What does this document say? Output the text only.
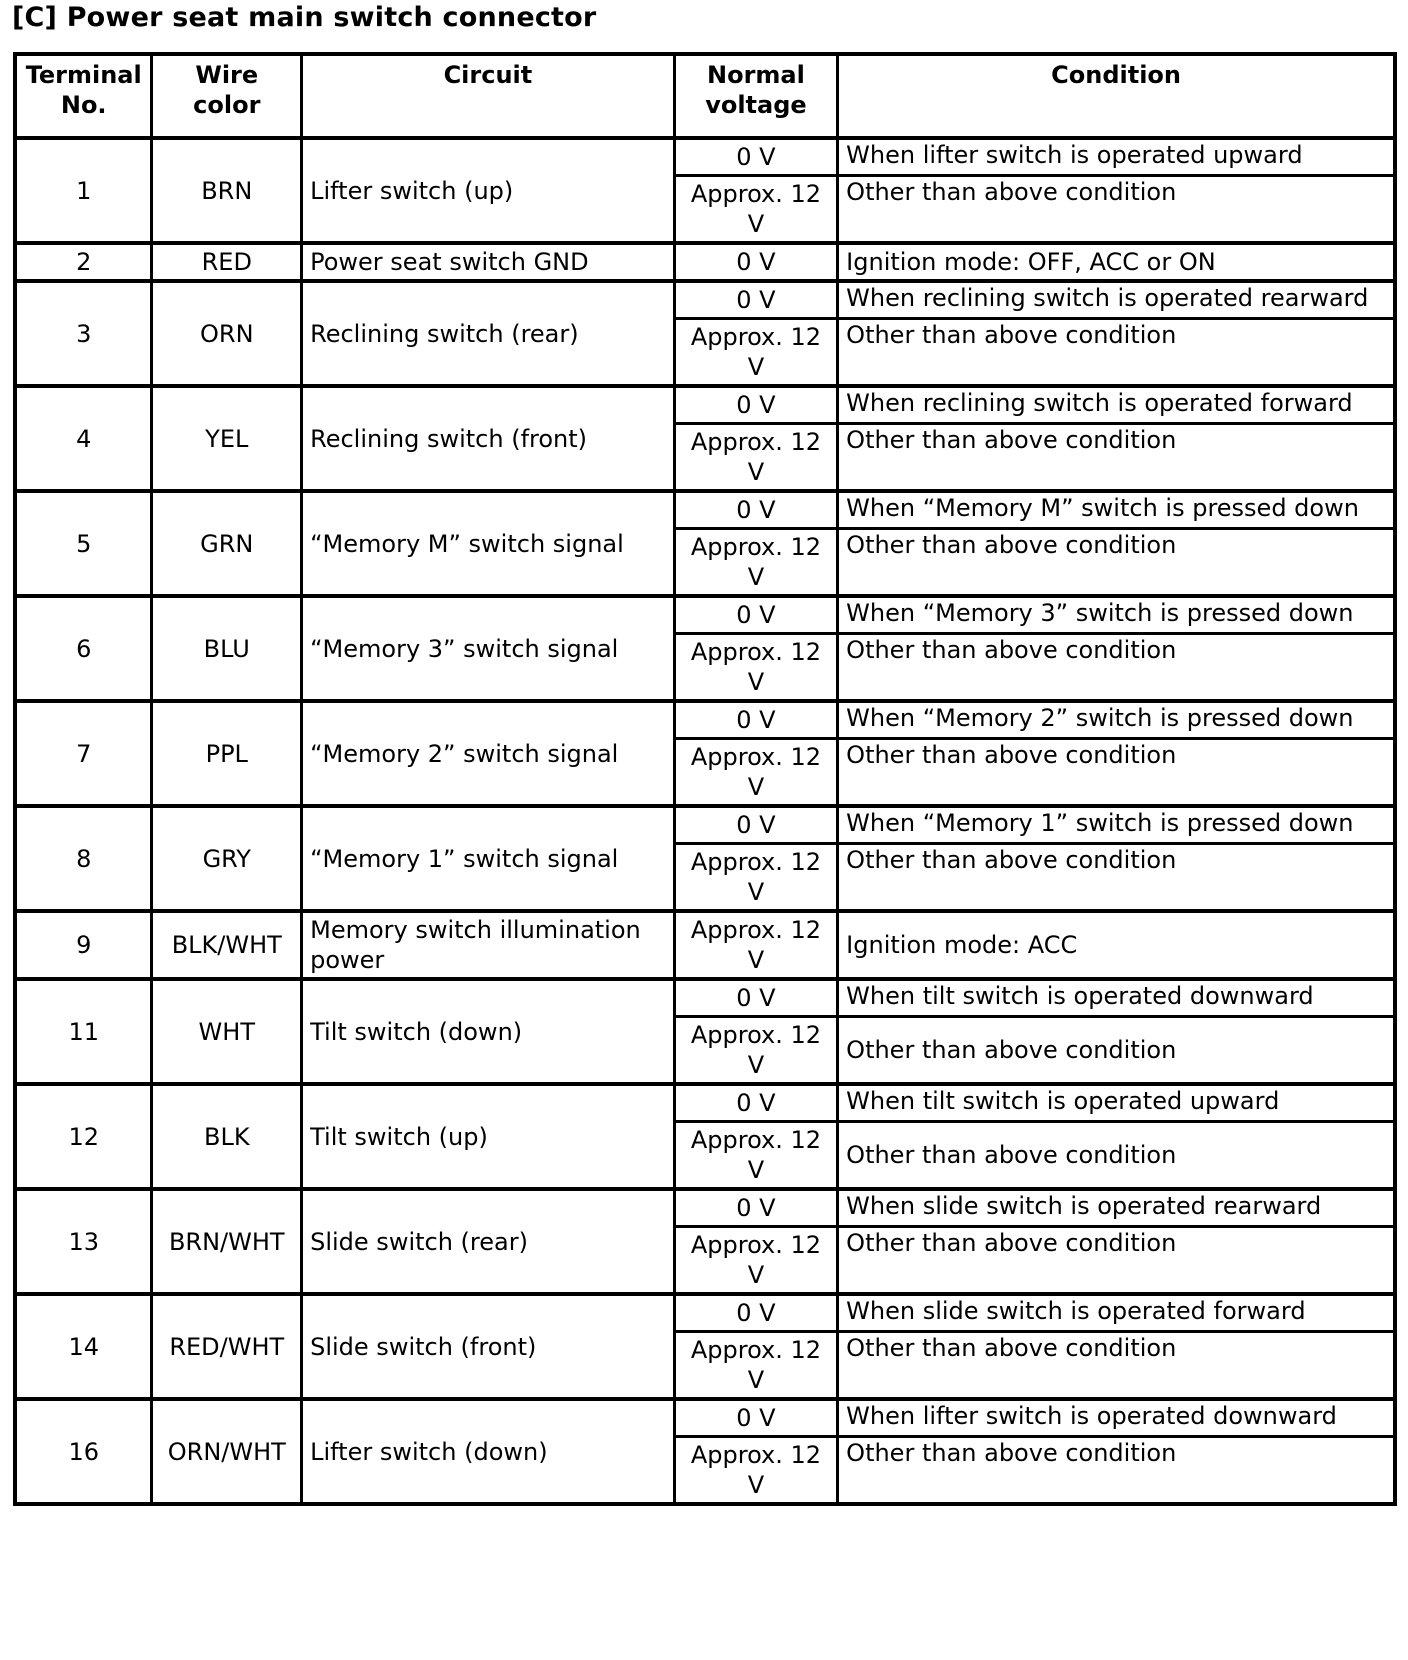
[C] Power seat main switch connector
Terminal No.	Wire color	Circuit	Normal voltage	Condition
1	BRN	Lifter switch (up)	0 V	When lifter switch is operated upward
			Approx. 12 V	Other than above condition
2	RED	Power seat switch GND	0 V	Ignition mode: OFF, ACC or ON
3	ORN	Reclining switch (rear)	0 V	When reclining switch is operated rearward
			Approx. 12 V	Other than above condition
4	YEL	Reclining switch (front)	0 V	When reclining switch is operated forward
			Approx. 12 V	Other than above condition
5	GRN	“Memory M” switch signal	0 V	When “Memory M” switch is pressed down
			Approx. 12 V	Other than above condition
6	BLU	“Memory 3” switch signal	0 V	When “Memory 3” switch is pressed down
			Approx. 12 V	Other than above condition
7	PPL	“Memory 2” switch signal	0 V	When “Memory 2” switch is pressed down
			Approx. 12 V	Other than above condition
8	GRY	“Memory 1” switch signal	0 V	When “Memory 1” switch is pressed down
			Approx. 12 V	Other than above condition
9	BLK/WHT	Memory switch illumination power	Approx. 12 V	Ignition mode: ACC
11	WHT	Tilt switch (down)	0 V	When tilt switch is operated downward
			Approx. 12 V	Other than above condition
12	BLK	Tilt switch (up)	0 V	When tilt switch is operated upward
			Approx. 12 V	Other than above condition
13	BRN/WHT	Slide switch (rear)	0 V	When slide switch is operated rearward
			Approx. 12 V	Other than above condition
14	RED/WHT	Slide switch (front)	0 V	When slide switch is operated forward
			Approx. 12 V	Other than above condition
16	ORN/WHT	Lifter switch (down)	0 V	When lifter switch is operated downward
			Approx. 12 V	Other than above condition
